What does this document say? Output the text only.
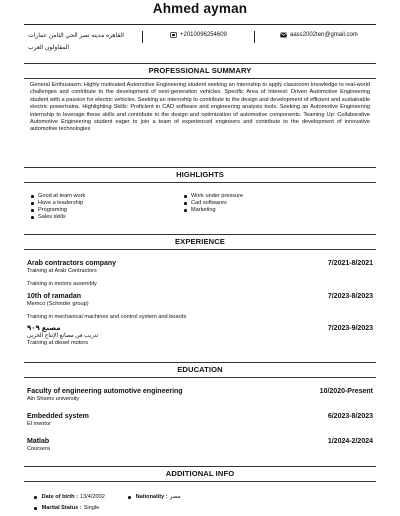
Ahmed ayman
القاهره مدينه نصر الحي الثامن عمارات المقاولون العرب
+2010096254609	aass2002ten@gmail.com
PROFESSIONAL SUMMARY
General Enthusiasm: Highly motivated Automotive Engineering student seeking an internship to apply classroom knowledge to real-world challenges and contribute to the development of next-generation vehicles. Specific Area of Interest: Driven Automotive Engineering student with a passion for electric vehicles. Seeking an internship to contribute to the design and development of efficient and sustainable electric powertrains. Highlighting Skills: Proficient in CAD software and engineering analysis tools. Seeking an Automotive Engineering internship to leverage these skills and contribute to the design and optimization of automotive components. Teaming Up: Collaborative Automotive Engineering student eager to join a team of experienced engineers and contribute to the development of innovative automotive technologies
HIGHLIGHTS
Good at team work
Have a leadership
Programing
Sales skills
Work under pressure
Cad softwares
Marketing
EXPERIENCE
Arab contractors company	7/2021-8/2021
Training at Arab Contractors
Training in motors assembly
10th of ramadan	7/2023-8/2023
Memco (Schinder group)
Training in mechanical machines and control system and boards
مصنع ٩٠٩	7/2023-9/2023
تدريب في مصانع الإنتاج الحربي
Training at diesel motors
EDUCATION
Faculty of engineering automotive engineering	10/2020-Present
Ain Shams university
Embedded system	6/2023-8/2023
El mentor
Matlab	1/2024-2/2024
Coursera
ADDITIONAL INFO
Date of birth : 13/4/2002	Nationality : مصر
Marital Status : Single
